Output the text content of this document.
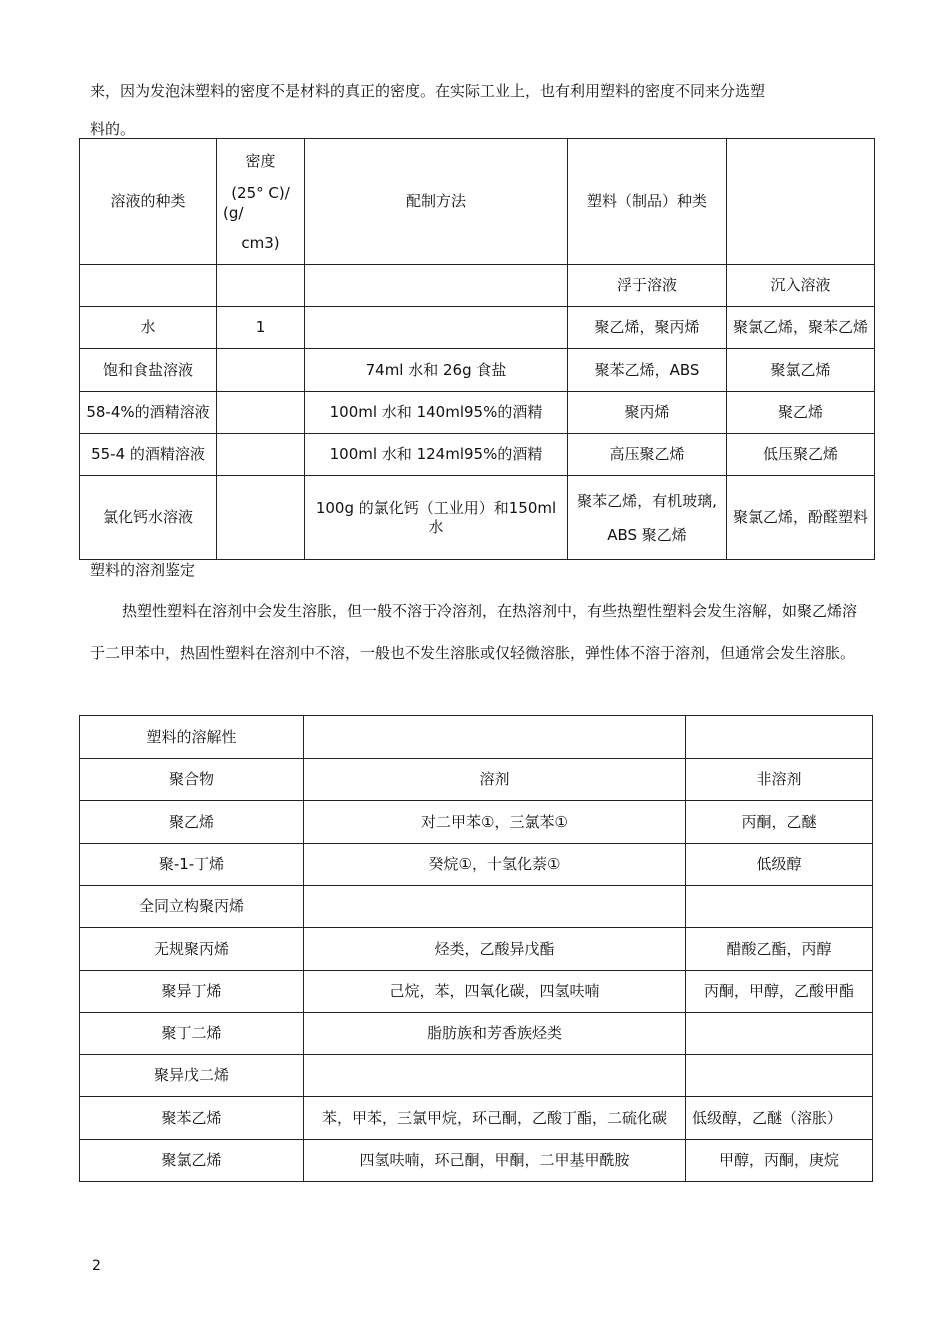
来，因为发泡沫塑料的密度不是材料的真正的密度。在实际工业上，也有利用塑料的密度不同来分选塑
料的。

溶液的种类	密度
(25° C)/
(g/
cm3)	配制方法	塑料（制品）种类	
			浮于溶液	沉入溶液
水	1		聚乙烯，聚丙烯	聚氯乙烯，聚苯乙烯
饱和食盐溶液		74ml 水和 26g 食盐	聚苯乙烯，ABS	聚氯乙烯
58-4%的酒精溶液		100ml 水和 140ml95%的酒精	聚丙烯	聚乙烯
55-4 的酒精溶液		100ml 水和 124ml95%的酒精	高压聚乙烯	低压聚乙烯
氯化钙水溶液		100g 的氯化钙（工业用）和150ml 水	聚苯乙烯，有机玻璃,
ABS 聚乙烯	聚氯乙烯，酚醛塑料

塑料的溶剂鉴定

热塑性塑料在溶剂中会发生溶胀，但一般不溶于冷溶剂，在热溶剂中，有些热塑性塑料会发生溶解，如聚乙烯溶于二甲苯中，热固性塑料在溶剂中不溶，一般也不发生溶胀或仅轻微溶胀，弹性体不溶于溶剂，但通常会发生溶胀。

塑料的溶解性		
聚合物	溶剂	非溶剂
聚乙烯	对二甲苯①，三氯苯①	丙酮，乙醚
聚-1-丁烯	癸烷①，十氢化萘①	低级醇
全同立构聚丙烯		
无规聚丙烯	烃类，乙酸异戊酯	醋酸乙酯，丙醇
聚异丁烯	己烷，苯，四氧化碳，四氢呋喃	丙酮，甲醇，乙酸甲酯
聚丁二烯	脂肪族和芳香族烃类	
聚异戊二烯		
聚苯乙烯	苯，甲苯，三氯甲烷，环己酮，乙酸丁酯，二硫化碳	低级醇，乙醚（溶胀）
聚氯乙烯	四氢呋喃，环己酮，甲酮，二甲基甲酰胺	甲醇，丙酮，庚烷
2
